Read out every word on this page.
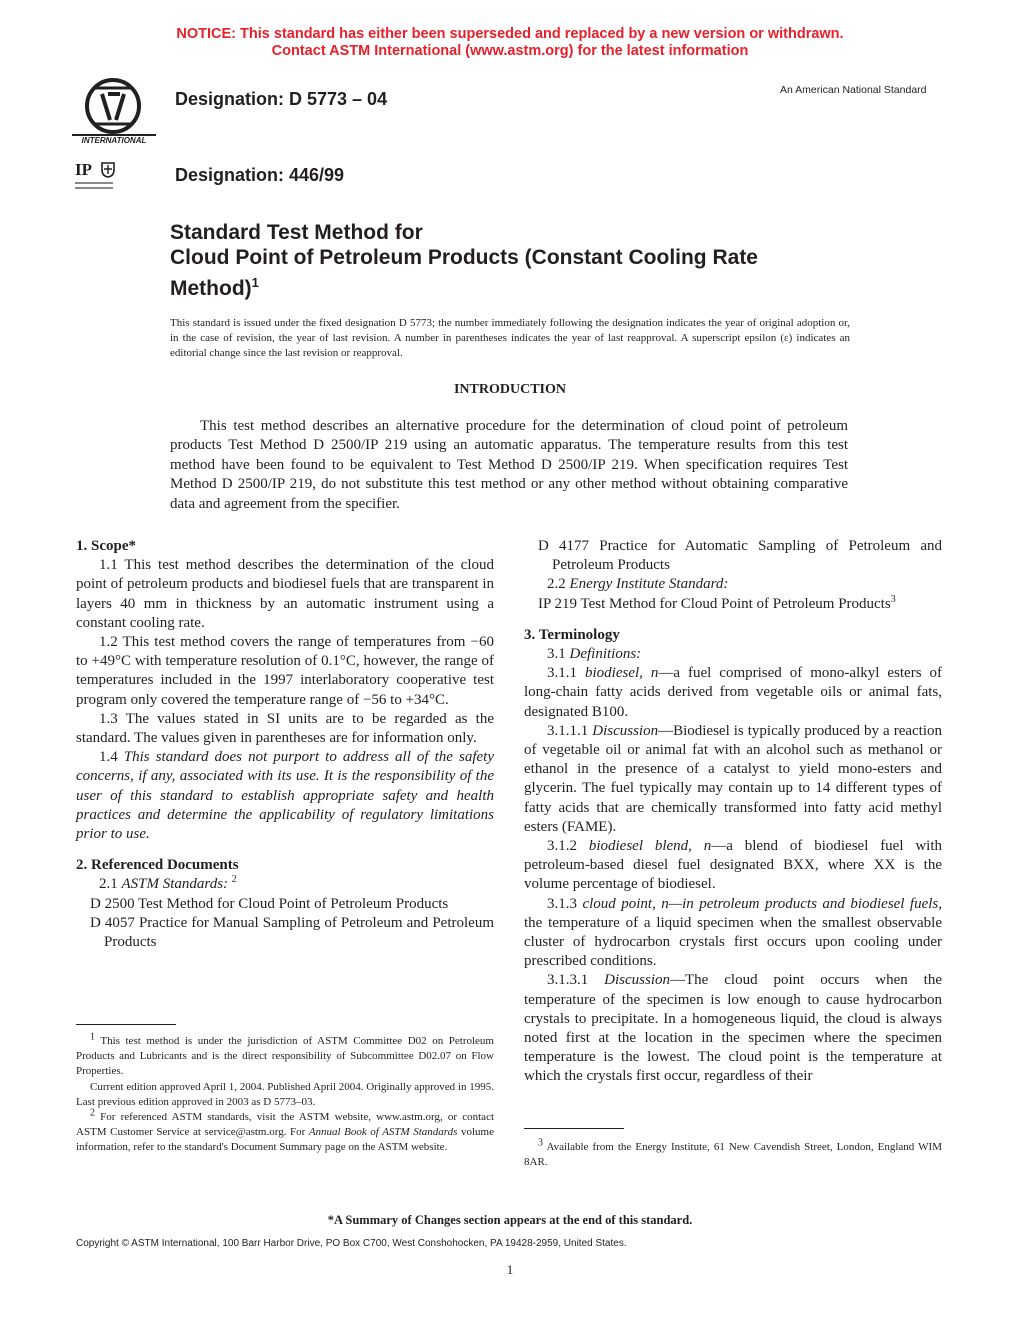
NOTICE: This standard has either been superseded and replaced by a new version or withdrawn.
Contact ASTM International (www.astm.org) for the latest information
INTERNATIONAL
IP
Designation: D 5773 – 04
Designation: 446/99
An American National Standard
Standard Test Method for
Cloud Point of Petroleum Products (Constant Cooling Rate
Method)$^1$
This standard is issued under the fixed designation D 5773; the number immediately following the designation indicates the year of original adoption or, in the case of revision, the year of last revision. A number in parentheses indicates the year of last reapproval. A superscript epsilon (ε) indicates an editorial change since the last revision or reapproval.
INTRODUCTION
This test method describes an alternative procedure for the determination of cloud point of petroleum products Test Method D 2500/IP 219 using an automatic apparatus. The temperature results from this test method have been found to be equivalent to Test Method D 2500/IP 219. When specification requires Test Method D 2500/IP 219, do not substitute this test method or any other method without obtaining comparative data and agreement from the specifier.

1. Scope*

1.1 This test method describes the determination of the cloud point of petroleum products and biodiesel fuels that are transparent in layers 40 mm in thickness by an automatic instrument using a constant cooling rate.

1.2 This test method covers the range of temperatures from −60 to +49°C with temperature resolution of 0.1°C, however, the range of temperatures included in the 1997 interlaboratory cooperative test program only covered the temperature range of −56 to +34°C.

1.3 The values stated in SI units are to be regarded as the standard. The values given in parentheses are for information only.

1.4 This standard does not purport to address all of the safety concerns, if any, associated with its use. It is the responsibility of the user of this standard to establish appropriate safety and health practices and determine the applicability of regulatory limitations prior to use.

2. Referenced Documents

2.1 ASTM Standards: $^2$

D 2500 Test Method for Cloud Point of Petroleum Products

D 4057 Practice for Manual Sampling of Petroleum and Petroleum Products

$^1$ This test method is under the jurisdiction of ASTM Committee D02 on Petroleum Products and Lubricants and is the direct responsibility of Subcommittee D02.07 on Flow Properties.

Current edition approved April 1, 2004. Published April 2004. Originally approved in 1995. Last previous edition approved in 2003 as D 5773–03.

$^2$ For referenced ASTM standards, visit the ASTM website, www.astm.org, or contact ASTM Customer Service at service@astm.org. For Annual Book of ASTM Standards volume information, refer to the standard's Document Summary page on the ASTM website.

D 4177 Practice for Automatic Sampling of Petroleum and Petroleum Products

2.2 Energy Institute Standard:

IP 219 Test Method for Cloud Point of Petroleum Products$^3$

3. Terminology

3.1 Definitions:

3.1.1 biodiesel, n—a fuel comprised of mono-alkyl esters of long-chain fatty acids derived from vegetable oils or animal fats, designated B100.

3.1.1.1 Discussion—Biodiesel is typically produced by a reaction of vegetable oil or animal fat with an alcohol such as methanol or ethanol in the presence of a catalyst to yield mono-esters and glycerin. The fuel typically may contain up to 14 different types of fatty acids that are chemically transformed into fatty acid methyl esters (FAME).

3.1.2 biodiesel blend, n—a blend of biodiesel fuel with petroleum-based diesel fuel designated BXX, where XX is the volume percentage of biodiesel.

3.1.3 cloud point, n—in petroleum products and biodiesel fuels, the temperature of a liquid specimen when the smallest observable cluster of hydrocarbon crystals first occurs upon cooling under prescribed conditions.

3.1.3.1 Discussion—The cloud point occurs when the temperature of the specimen is low enough to cause hydrocarbon crystals to precipitate. In a homogeneous liquid, the cloud is always noted first at the location in the specimen where the specimen temperature is the lowest. The cloud point is the temperature at which the crystals first occur, regardless of their

$^3$ Available from the Energy Institute, 61 New Cavendish Street, London, England WIM 8AR.

*A Summary of Changes section appears at the end of this standard.
Copyright © ASTM International, 100 Barr Harbor Drive, PO Box C700, West Conshohocken, PA 19428-2959, United States.
1
